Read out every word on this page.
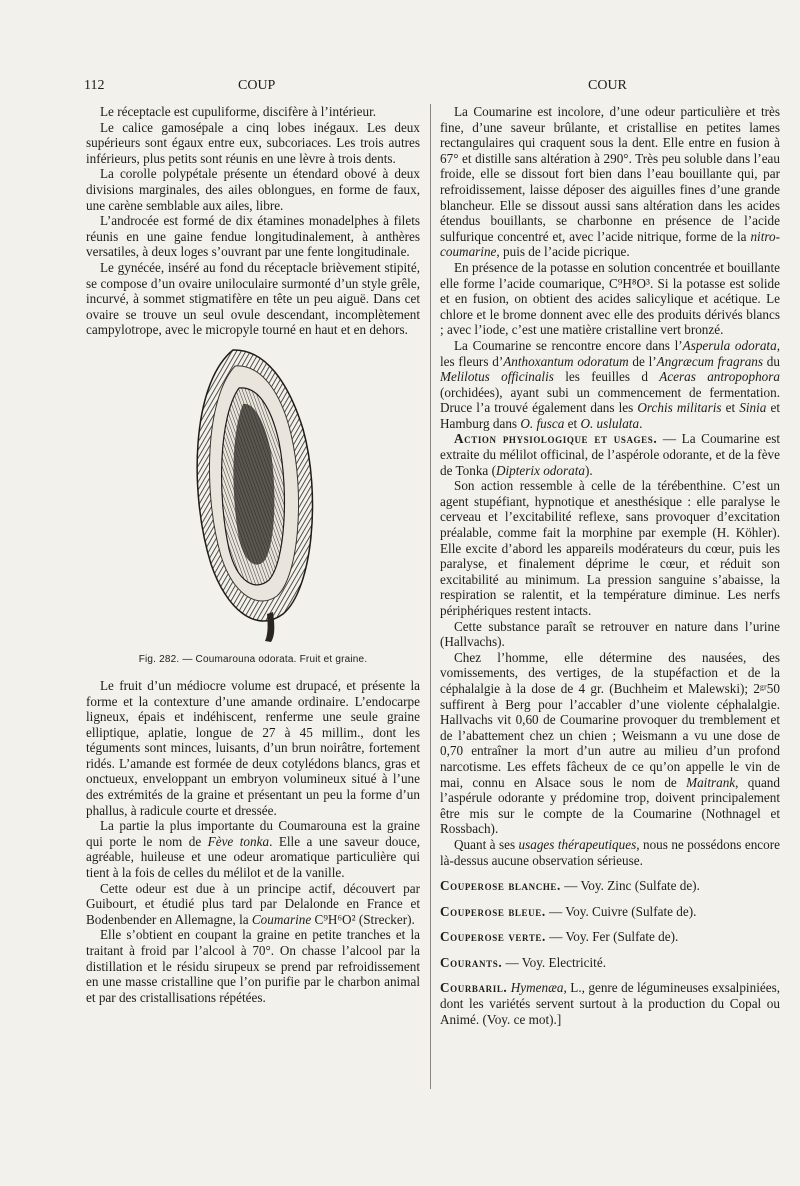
112	COUP	COUR

Le réceptacle est cupuliforme, discifère à l’intérieur.

Le calice gamosépale a cinq lobes inégaux. Les deux supérieurs sont égaux entre eux, subcoriaces. Les trois autres inférieurs, plus petits sont réunis en une lèvre à trois dents.

La corolle polypétale présente un étendard obové à deux divisions marginales, des ailes oblongues, en forme de faux, une carène semblable aux ailes, libre.

L’androcée est formé de dix étamines monadelphes à filets réunis en une gaine fendue longitudinalement, à anthères versatiles, à deux loges s’ouvrant par une fente longitudinale.

Le gynécée, inséré au fond du réceptacle brièvement stipité, se compose d’un ovaire uniloculaire surmonté d’un style grêle, incurvé, à sommet stigmatifère en tête un peu aiguë. Dans cet ovaire se trouve un seul ovule descendant, incomplètement campylotrope, avec le micropyle tourné en haut et en dehors.

Fig. 282. — Coumarouna odorata. Fruit et graine.

Le fruit d’un médiocre volume est drupacé, et présente la forme et la contexture d’une amande ordinaire. L’endocarpe ligneux, épais et indéhiscent, renferme une seule graine elliptique, aplatie, longue de 27 à 45 millim., dont les téguments sont minces, luisants, d’un brun noirâtre, fortement ridés. L’amande est formée de deux cotylédons blancs, gras et onctueux, enveloppant un embryon volumineux situé à l’une des extrémités de la graine et présentant un peu la forme d’un phallus, à radicule courte et dressée.

La partie la plus importante du Coumarouna est la graine qui porte le nom de Fève tonka. Elle a une saveur douce, agréable, huileuse et une odeur aromatique particulière qui tient à la fois de celles du mélilot et de la vanille.

Cette odeur est due à un principe actif, découvert par Guibourt, et étudié plus tard par Delalonde en France et Bodenbender en Allemagne, la Coumarine C⁹H⁶O² (Strecker).

Elle s’obtient en coupant la graine en petite tranches et la traitant à froid par l’alcool à 70°. On chasse l’alcool par la distillation et le résidu sirupeux se prend par refroidissement en une masse cristalline que l’on purifie par le charbon animal et par des cristallisations répétées.

La Coumarine est incolore, d’une odeur particulière et très fine, d’une saveur brûlante, et cristallise en petites lames rectangulaires qui craquent sous la dent. Elle entre en fusion à 67° et distille sans altération à 290°. Très peu soluble dans l’eau froide, elle se dissout fort bien dans l’eau bouillante qui, par refroidissement, laisse déposer des aiguilles fines d’une grande blancheur. Elle se dissout aussi sans altération dans les acides étendus bouillants, se charbonne en présence de l’acide sulfurique concentré et, avec l’acide nitrique, forme de la nitro-coumarine, puis de l’acide picrique.

En présence de la potasse en solution concentrée et bouillante elle forme l’acide coumarique, C⁹H⁸O³. Si la potasse est solide et en fusion, on obtient des acides salicylique et acétique. Le chlore et le brome donnent avec elle des produits dérivés blancs ; avec l’iode, c’est une matière cristalline vert bronzé.

La Coumarine se rencontre encore dans l’Asperula odorata, les fleurs d’Anthoxantum odoratum de l’Angræcum fragrans du Melilotus officinalis les feuilles d Aceras antropophora (orchidées), ayant subi un commencement de fermentation. Druce l’a trouvé également dans les Orchis militaris et Sinia et Hamburg dans O. fusca et O. uslulata.

Action physiologique et usages. — La Coumarine est extraite du mélilot officinal, de l’aspérole odorante, et de la fève de Tonka (Dipterix odorata).

Son action ressemble à celle de la térébenthine. C’est un agent stupéfiant, hypnotique et anesthésique : elle paralyse le cerveau et l’excitabilité reflexe, sans provoquer d’excitation préalable, comme fait la morphine par exemple (H. Köhler). Elle excite d’abord les appareils modérateurs du cœur, puis les paralyse, et finalement déprime le cœur, et réduit son excitabilité au minimum. La pression sanguine s’abaisse, la respiration se ralentit, et la température diminue. Les nerfs périphériques restent intacts.

Cette substance paraît se retrouver en nature dans l’urine (Hallvachs).

Chez l’homme, elle détermine des nausées, des vomissements, des vertiges, de la stupéfaction et de la céphalalgie à la dose de 4 gr. (Buchheim et Malewski); 2ᵍʳ50 suffirent à Berg pour l’accabler d’une violente céphalalgie. Hallvachs vit 0,60 de Coumarine provoquer du tremblement et de l’abattement chez un chien ; Weismann a vu une dose de 0,70 entraîner la mort d’un autre au milieu d’un profond narcotisme. Les effets fâcheux de ce qu’on appelle le vin de mai, connu en Alsace sous le nom de Maitrank, quand l’aspérule odorante y prédomine trop, doivent principalement être mis sur le compte de la Coumarine (Nothnagel et Rossbach).

Quant à ses usages thérapeutiques, nous ne possédons encore là-dessus aucune observation sérieuse.

Couperose blanche. — Voy. Zinc (Sulfate de).

Couperose bleue. — Voy. Cuivre (Sulfate de).

Couperose verte. — Voy. Fer (Sulfate de).

Courants. — Voy. Electricité.

Courbaril. Hymenæa, L., genre de légumineuses exsalpiniées, dont les variétés servent surtout à la production du Copal ou Animé. (Voy. ce mot).]
